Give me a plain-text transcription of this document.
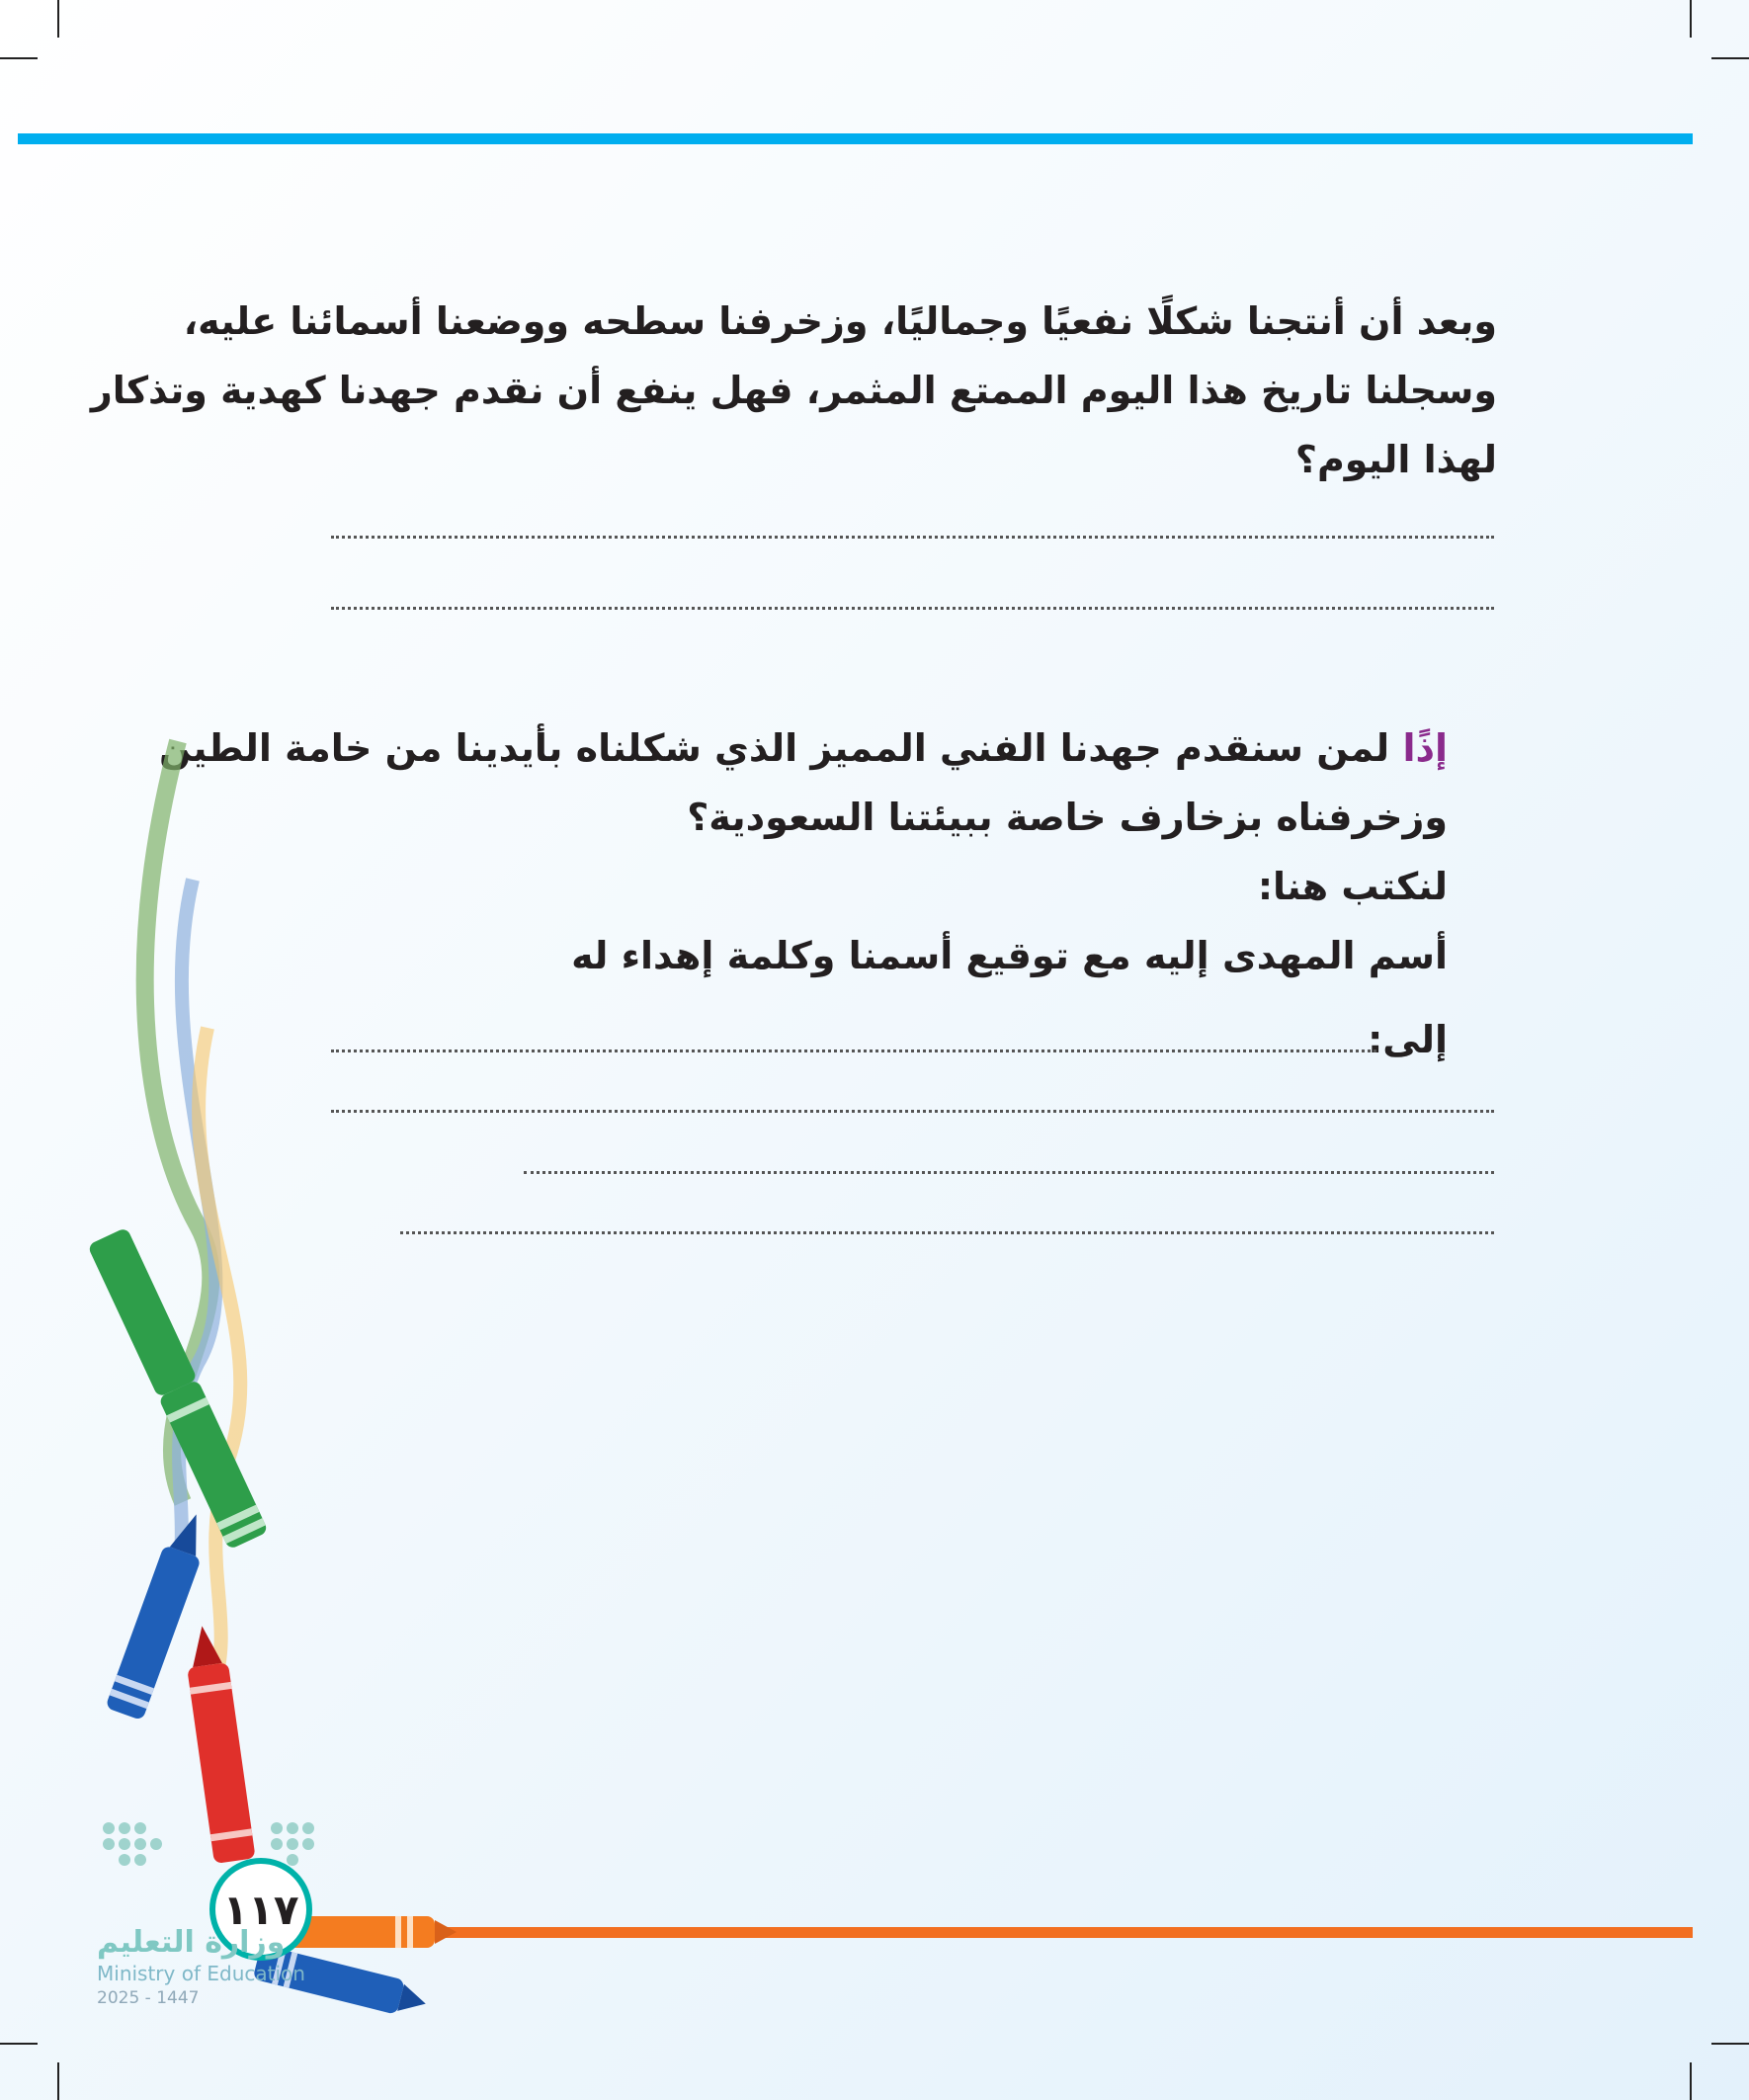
وبعد أن أنتجنا شكلًا نفعيًا وجماليًا، وزخرفنا سطحه ووضعنا أسمائنا عليه،
وسجلنا تاريخ هذا اليوم الممتع المثمر، فهل ينفع أن نقدم جهدنا كهدية وتذكار
لهذا اليوم؟
إذًا لمن سنقدم جهدنا الفني المميز الذي شكلناه بأيدينا من خامة الطين
وزخرفناه بزخارف خاصة ببيئتنا السعودية؟
لنكتب هنا:
أسم المهدى إليه مع توقيع أسمنا وكلمة إهداء له
إلى:
١١٧
وزارة التعليم
Ministry of Education
2025 - 1447
